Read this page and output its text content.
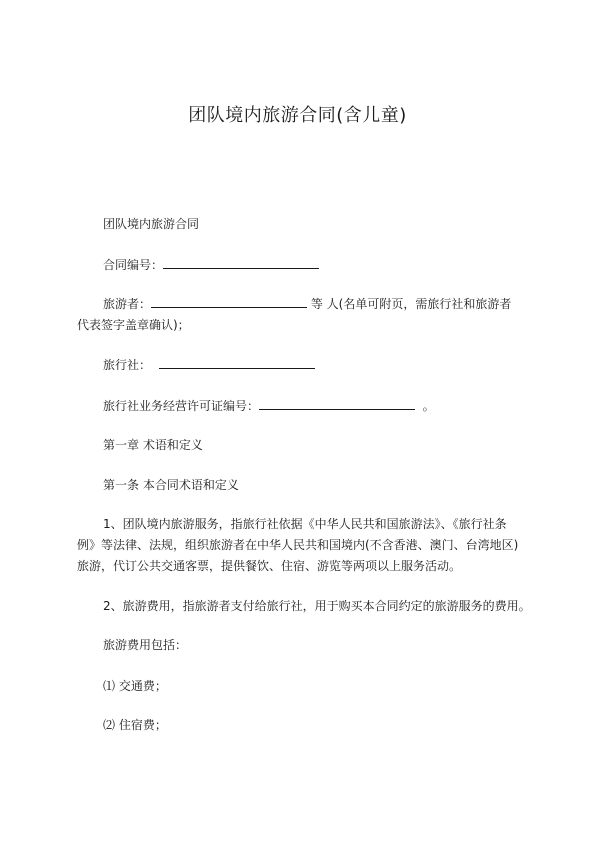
团队境内旅游合同(含儿童)
团队境内旅游合同
合同编号：
旅游者：	等 人(名单可附页，需旅行社和旅游者
代表签字盖章确认)；
旅行社：
旅行社业务经营许可证编号：	。
第一章 术语和定义
第一条 本合同术语和定义
1、团队境内旅游服务，指旅行社依据《中华人民共和国旅游法》、《旅行社条
例》等法律、法规，组织旅游者在中华人民共和国境内(不含香港、澳门、台湾地区)
旅游，代订公共交通客票，提供餐饮、住宿、游览等两项以上服务活动。
2、旅游费用，指旅游者支付给旅行社，用于购买本合同约定的旅游服务的费用。
旅游费用包括：
⑴ 交通费；
⑵ 住宿费；
